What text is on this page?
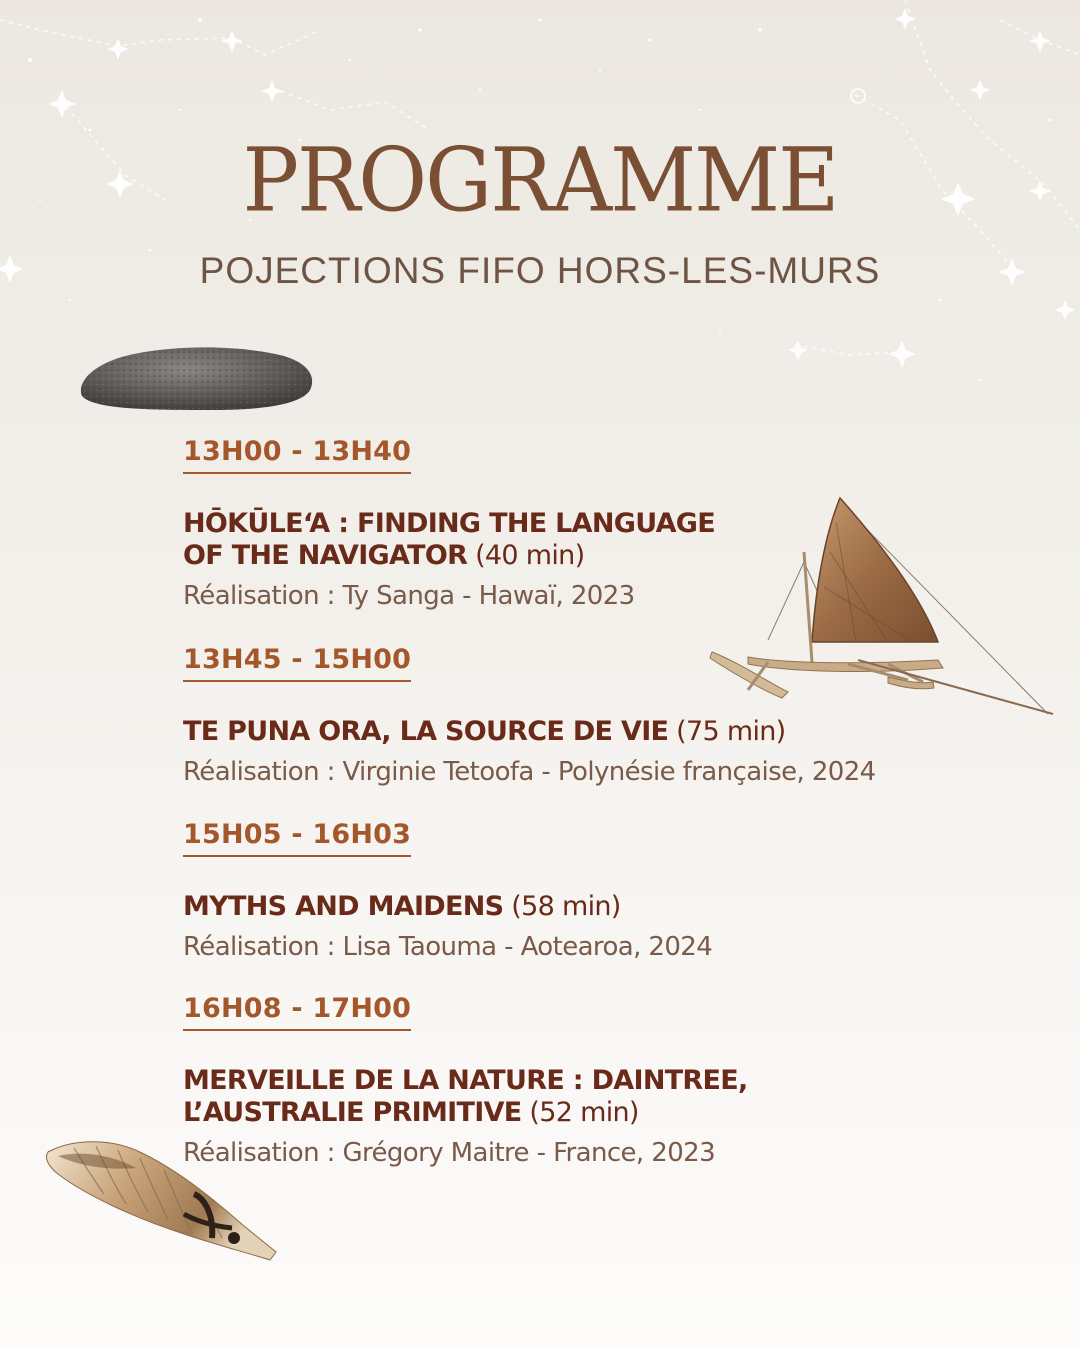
PROGRAMME
POJECTIONS FIFO HORS-LES-MURS
13H00 - 13H40
HŌKŪLEʻA : FINDING THE LANGUAGE
OF THE NAVIGATOR (40 min)
Réalisation : Ty Sanga - Hawaï, 2023
13H45 - 15H00
TE PUNA ORA, LA SOURCE DE VIE (75 min)
Réalisation : Virginie Tetoofa - Polynésie française, 2024
15H05 - 16H03
MYTHS AND MAIDENS (58 min)
Réalisation : Lisa Taouma - Aotearoa, 2024
16H08 - 17H00
MERVEILLE DE LA NATURE : DAINTREE,
L’AUSTRALIE PRIMITIVE (52 min)
Réalisation : Grégory Maitre - France, 2023
